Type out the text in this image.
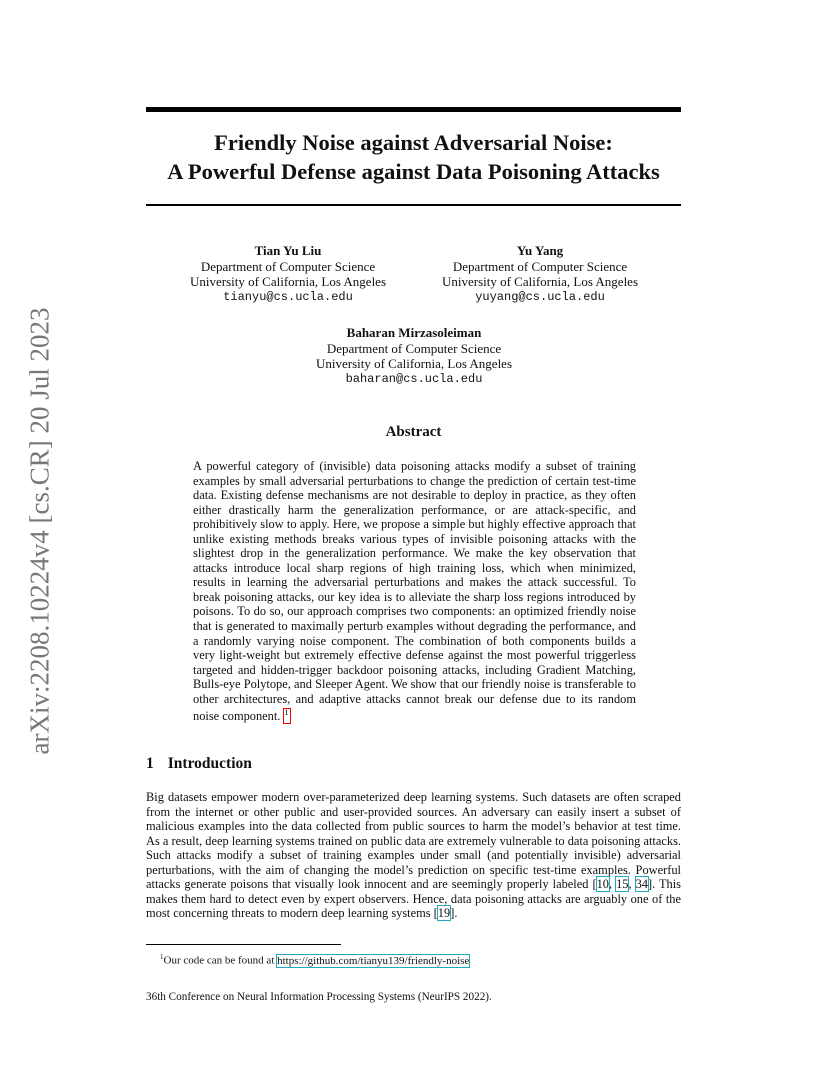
arXiv:2208.10224v4 [cs.CR] 20 Jul 2023
Friendly Noise against Adversarial Noise:
A Powerful Defense against Data Poisoning Attacks
Tian Yu Liu
Department of Computer Science
University of California, Los Angeles
tianyu@cs.ucla.edu
Yu Yang
Department of Computer Science
University of California, Los Angeles
yuyang@cs.ucla.edu
Baharan Mirzasoleiman
Department of Computer Science
University of California, Los Angeles
baharan@cs.ucla.edu
Abstract
A powerful category of (invisible) data poisoning attacks modify a subset of training examples by small adversarial perturbations to change the prediction of certain test-time data. Existing defense mechanisms are not desirable to deploy in practice, as they often either drastically harm the generalization performance, or are attack-specific, and prohibitively slow to apply. Here, we propose a simple but highly effective approach that unlike existing methods breaks various types of invisible poisoning attacks with the slightest drop in the generalization performance. We make the key observation that attacks introduce local sharp regions of high training loss, which when minimized, results in learning the adversarial perturbations and makes the attack successful. To break poisoning attacks, our key idea is to alleviate the sharp loss regions introduced by poisons. To do so, our approach comprises two components: an optimized friendly noise that is generated to maximally perturb examples without degrading the performance, and a randomly varying noise component. The combination of both components builds a very light-weight but extremely effective defense against the most powerful triggerless targeted and hidden-trigger backdoor poisoning attacks, including Gradient Matching, Bulls-eye Polytope, and Sleeper Agent. We show that our friendly noise is transferable to other architectures, and adaptive attacks cannot break our defense due to its random noise component. $^1$
1 Introduction
Big datasets empower modern over-parameterized deep learning systems. Such datasets are often scraped from the internet or other public and user-provided sources. An adversary can easily insert a subset of malicious examples into the data collected from public sources to harm the model’s behavior at test time. As a result, deep learning systems trained on public data are extremely vulnerable to data poisoning attacks. Such attacks modify a subset of training examples under small (and potentially invisible) adversarial perturbations, with the aim of changing the model’s prediction on specific test-time examples. Powerful attacks generate poisons that visually look innocent and are seemingly properly labeled [10, 15, 34]. This makes them hard to detect even by expert observers. Hence, data poisoning attacks are arguably one of the most concerning threats to modern deep learning systems [19].
$^1$Our code can be found at https://github.com/tianyu139/friendly-noise
36th Conference on Neural Information Processing Systems (NeurIPS 2022).
